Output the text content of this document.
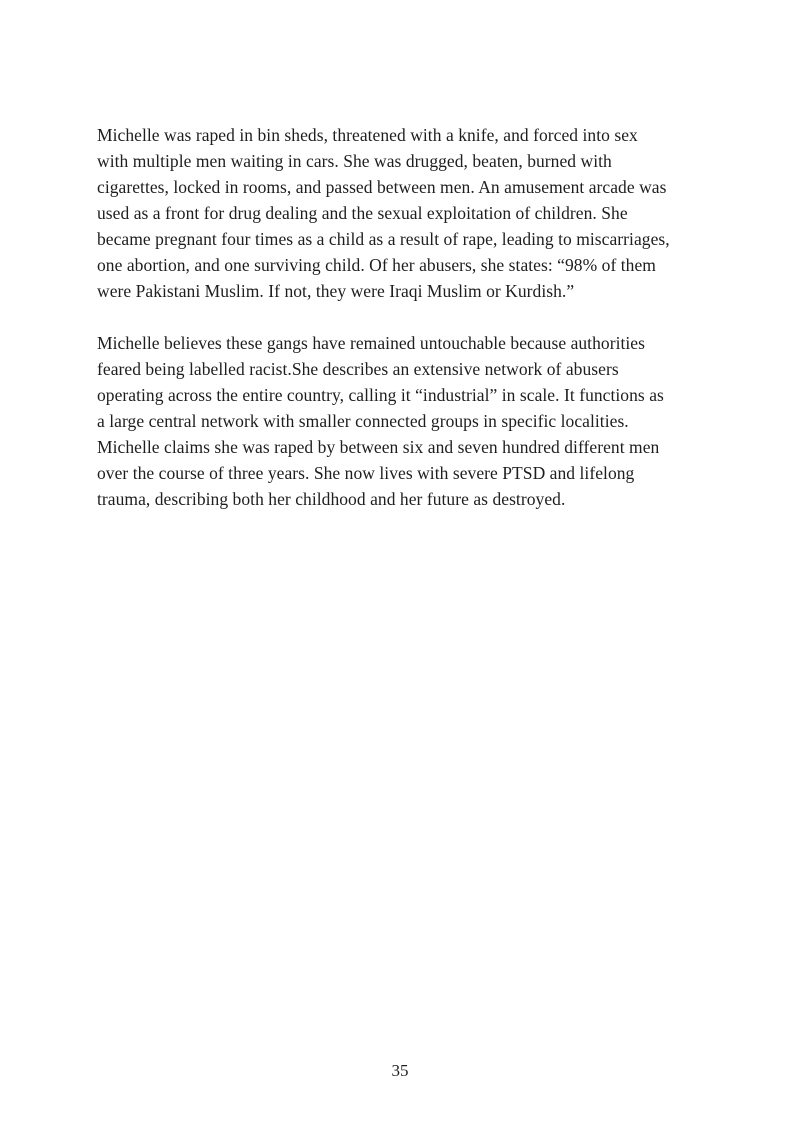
Michelle was raped in bin sheds, threatened with a knife, and forced into sex
with multiple men waiting in cars. She was drugged, beaten, burned with
cigarettes, locked in rooms, and passed between men. An amusement arcade was
used as a front for drug dealing and the sexual exploitation of children. She
became pregnant four times as a child as a result of rape, leading to miscarriages,
one abortion, and one surviving child. Of her abusers, she states: “98% of them
were Pakistani Muslim. If not, they were Iraqi Muslim or Kurdish.”

Michelle believes these gangs have remained untouchable because authorities
feared being labelled racist.She describes an extensive network of abusers
operating across the entire country, calling it “industrial” in scale. It functions as
a large central network with smaller connected groups in specific localities.
Michelle claims she was raped by between six and seven hundred different men
over the course of three years. She now lives with severe PTSD and lifelong
trauma, describing both her childhood and her future as destroyed.

35
